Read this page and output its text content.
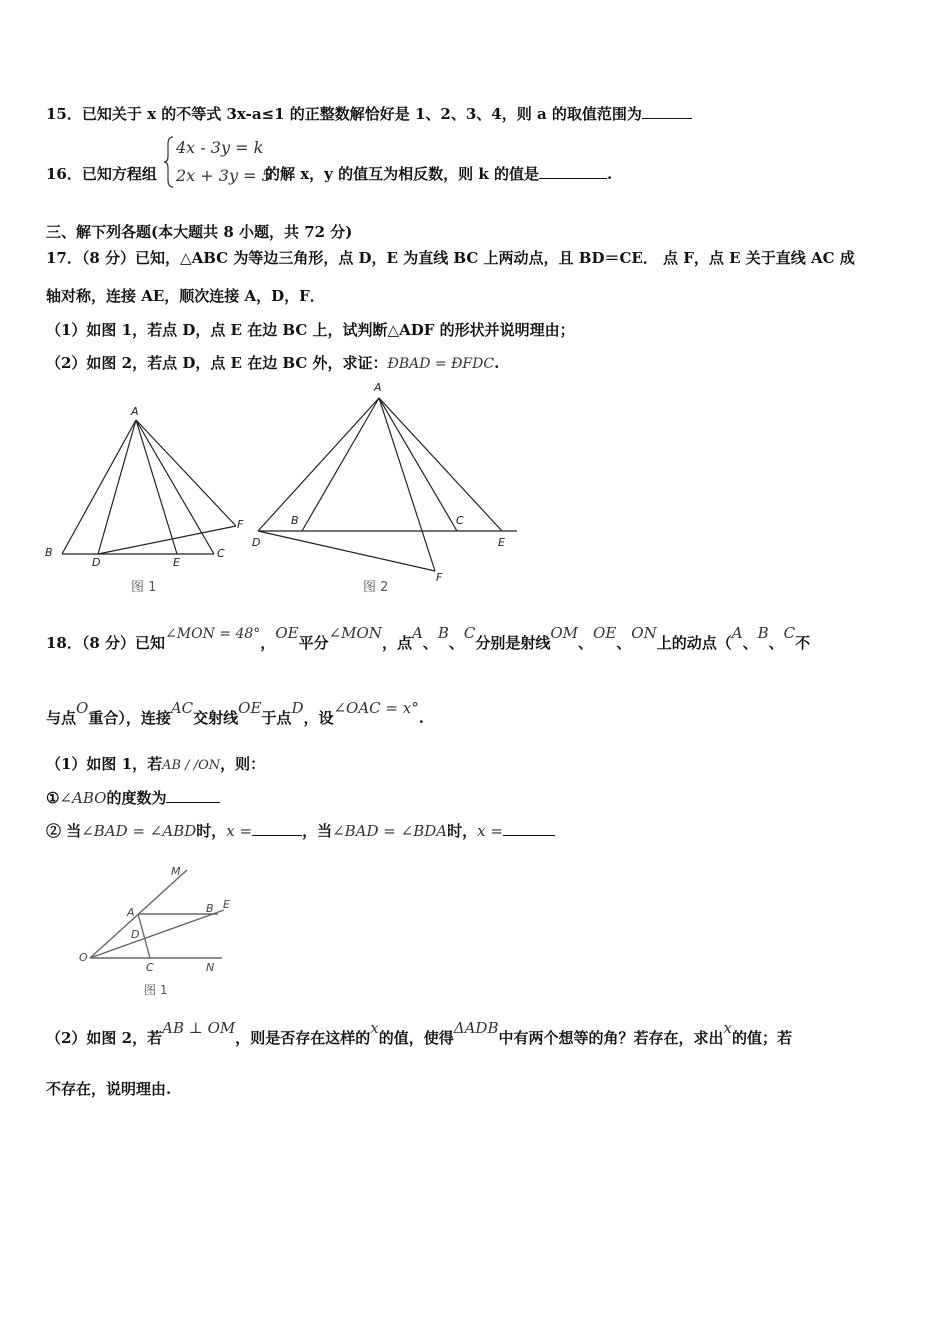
15．已知关于 x 的不等式 3x-a≤1 的正整数解恰好是 1、2、3、4，则 a 的取值范围为
16．已知方程组
4x - 3y = k
2x + 3y = 5
的解 x，y 的值互为相反数，则 k 的值是	.
三、解下列各题(本大题共 8 小题，共 72 分)
17．（8 分）已知，△ABC 为等边三角形，点 D，E 为直线 BC 上两动点，且 BD＝CE． 点 F，点 E 关于直线 AC 成
轴对称，连接 AE，顺次连接 A，D，F．
（1）如图 1，若点 D，点 E 在边 BC 上，试判断△ADF 的形状并说明理由；
（2）如图 2，若点 D，点 E 在边 BC 外，求证：ÐBAD = ÐFDC.
A
B
D	E
C
F
图 1
A
B	C
D	E
F
图 2
18．（8 分）已知∠MON = 48°，OE平分∠MON，点A、B、C分别是射线OM、OE、ON上的动点（A、B、C不
与点O重合），连接AC交射线OE于点D，设∠OAC = x°.
（1）如图 1，若AB / /ON，则：
①∠ABO的度数为
② 当∠BAD = ∠ABD时，x =	，当∠BAD = ∠BDA时，x =
M
A	B E
D
O
C	N
图 1
（2）如图 2，若AB ⊥ OM，则是否存在这样的x的值，使得ΔADB中有两个想等的角？若存在，求出x的值；若
不存在，说明理由.
